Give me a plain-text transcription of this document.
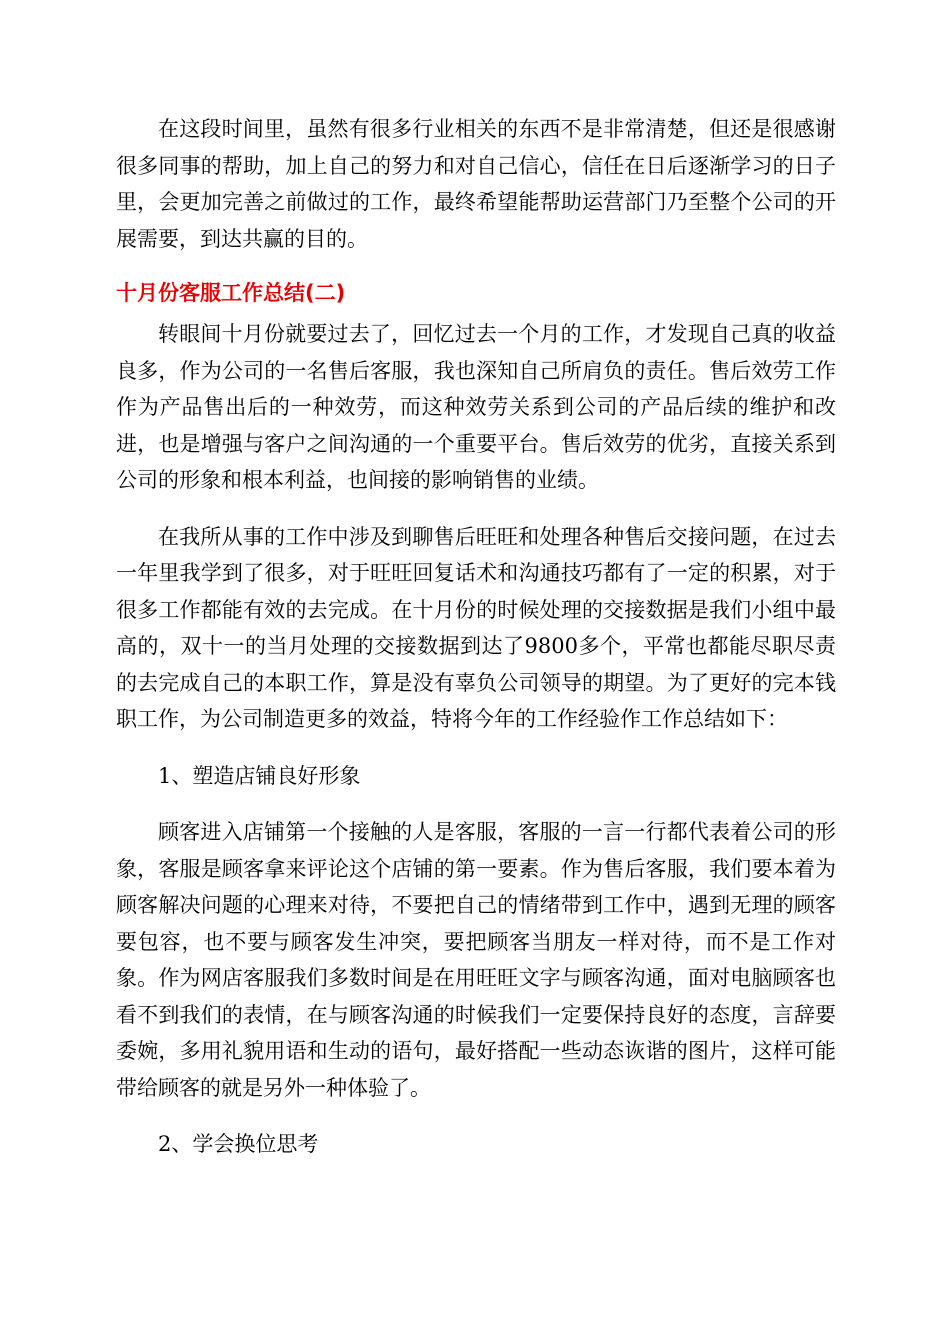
在这段时间里，虽然有很多行业相关的东西不是非常清楚，但还是很感谢很多同事的帮助，加上自己的努力和对自己信心，信任在日后逐渐学习的日子里，会更加完善之前做过的工作，最终希望能帮助运营部门乃至整个公司的开展需要，到达共赢的目的。

十月份客服工作总结(二)

转眼间十月份就要过去了，回忆过去一个月的工作，才发现自己真的收益良多，作为公司的一名售后客服，我也深知自己所肩负的责任。售后效劳工作作为产品售出后的一种效劳，而这种效劳关系到公司的产品后续的维护和改进，也是增强与客户之间沟通的一个重要平台。售后效劳的优劣，直接关系到公司的形象和根本利益，也间接的影响销售的业绩。

在我所从事的工作中涉及到聊售后旺旺和处理各种售后交接问题，在过去一年里我学到了很多，对于旺旺回复话术和沟通技巧都有了一定的积累，对于很多工作都能有效的去完成。在十月份的时候处理的交接数据是我们小组中最高的，双十一的当月处理的交接数据到达了9800多个，平常也都能尽职尽责的去完成自己的本职工作，算是没有辜负公司领导的期望。为了更好的完本钱职工作，为公司制造更多的效益，特将今年的工作经验作工作总结如下：

1、塑造店铺良好形象

顾客进入店铺第一个接触的人是客服，客服的一言一行都代表着公司的形象，客服是顾客拿来评论这个店铺的第一要素。作为售后客服，我们要本着为顾客解决问题的心理来对待，不要把自己的情绪带到工作中，遇到无理的顾客要包容，也不要与顾客发生冲突，要把顾客当朋友一样对待，而不是工作对象。作为网店客服我们多数时间是在用旺旺文字与顾客沟通，面对电脑顾客也看不到我们的表情，在与顾客沟通的时候我们一定要保持良好的态度，言辞要委婉，多用礼貌用语和生动的语句，最好搭配一些动态诙谐的图片，这样可能带给顾客的就是另外一种体验了。

2、学会换位思考
